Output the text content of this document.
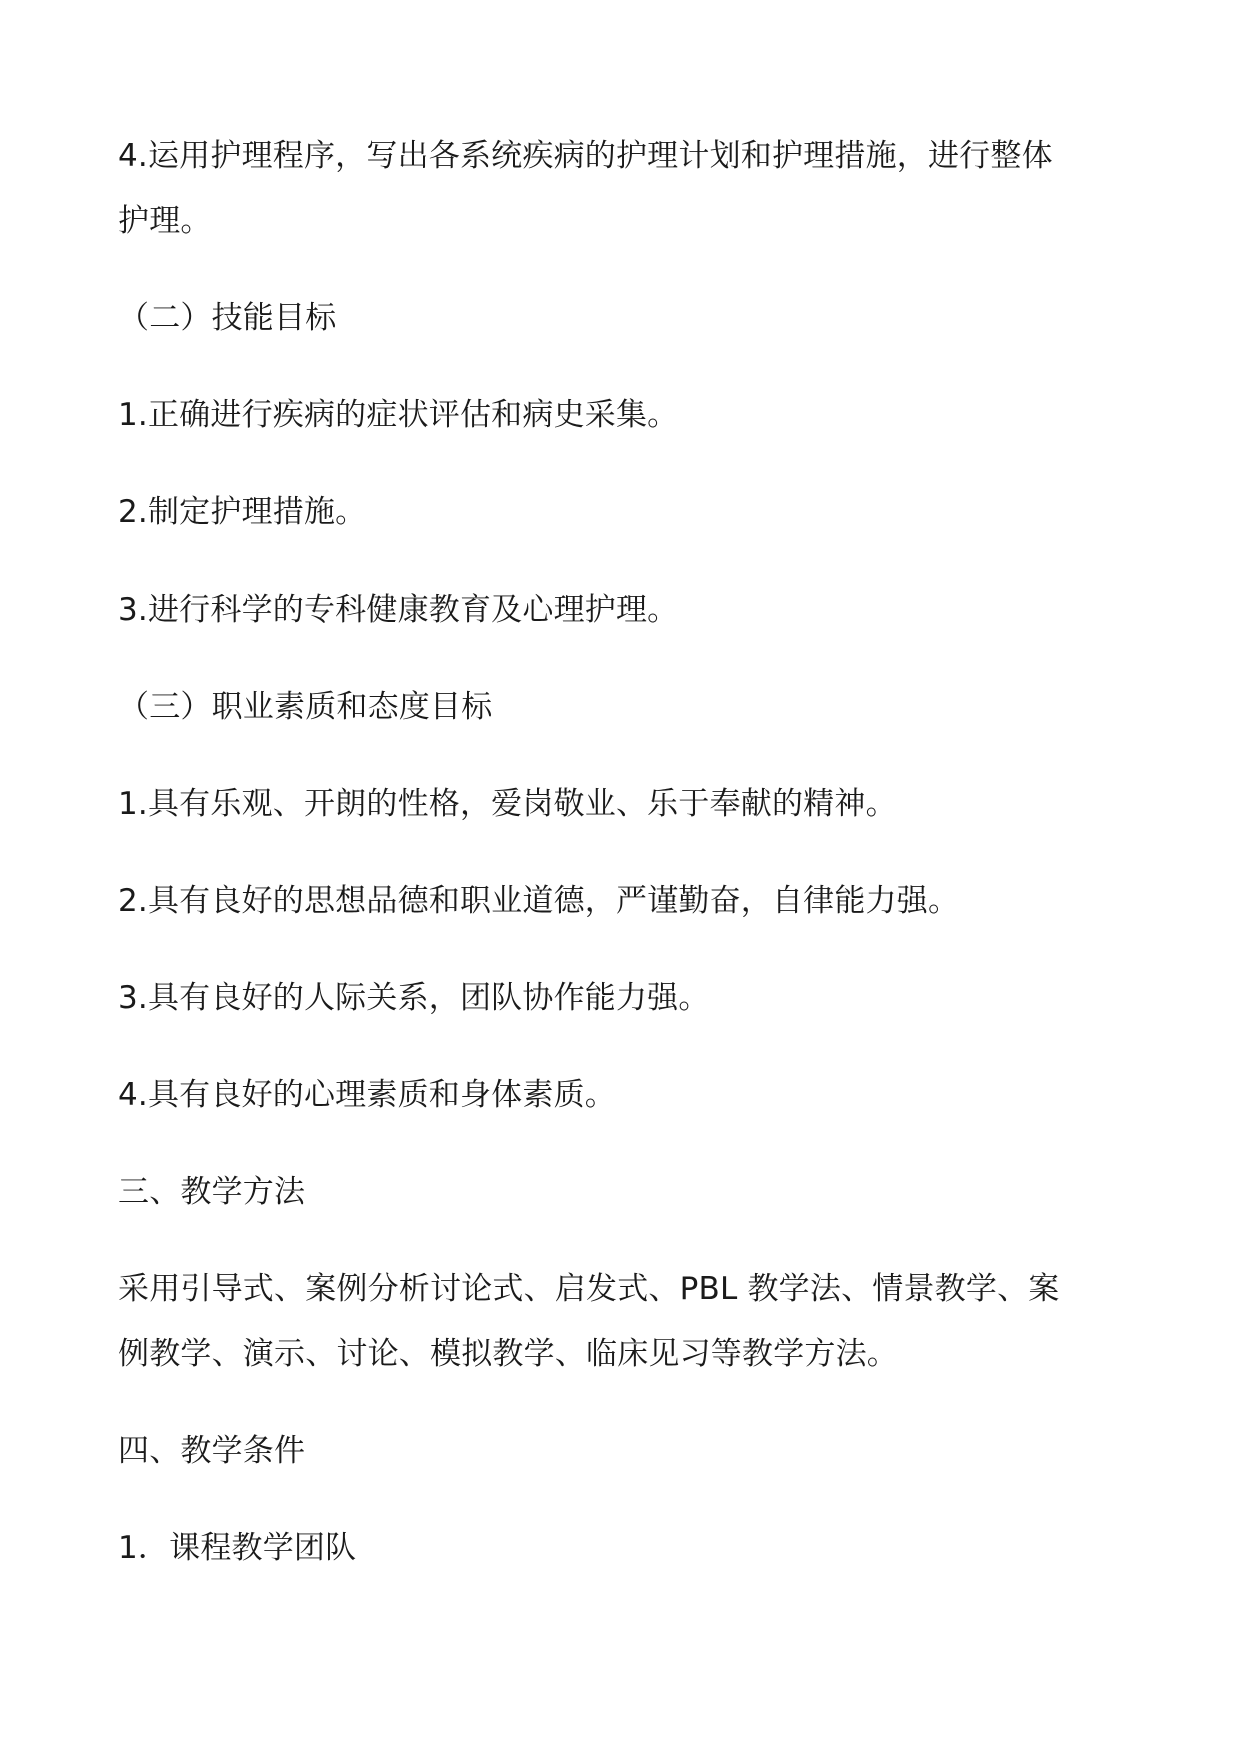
4.运用护理程序，写出各系统疾病的护理计划和护理措施，进行整体
护理。
（二）技能目标
1.正确进行疾病的症状评估和病史采集。
2.制定护理措施。
3.进行科学的专科健康教育及心理护理。
（三）职业素质和态度目标
1.具有乐观、开朗的性格，爱岗敬业、乐于奉献的精神。
2.具有良好的思想品德和职业道德，严谨勤奋，自律能力强。
3.具有良好的人际关系，团队协作能力强。
4.具有良好的心理素质和身体素质。
三、教学方法
采用引导式、案例分析讨论式、启发式、PBL 教学法、情景教学、案
例教学、演示、讨论、模拟教学、临床见习等教学方法。
四、教学条件
1．课程教学团队
